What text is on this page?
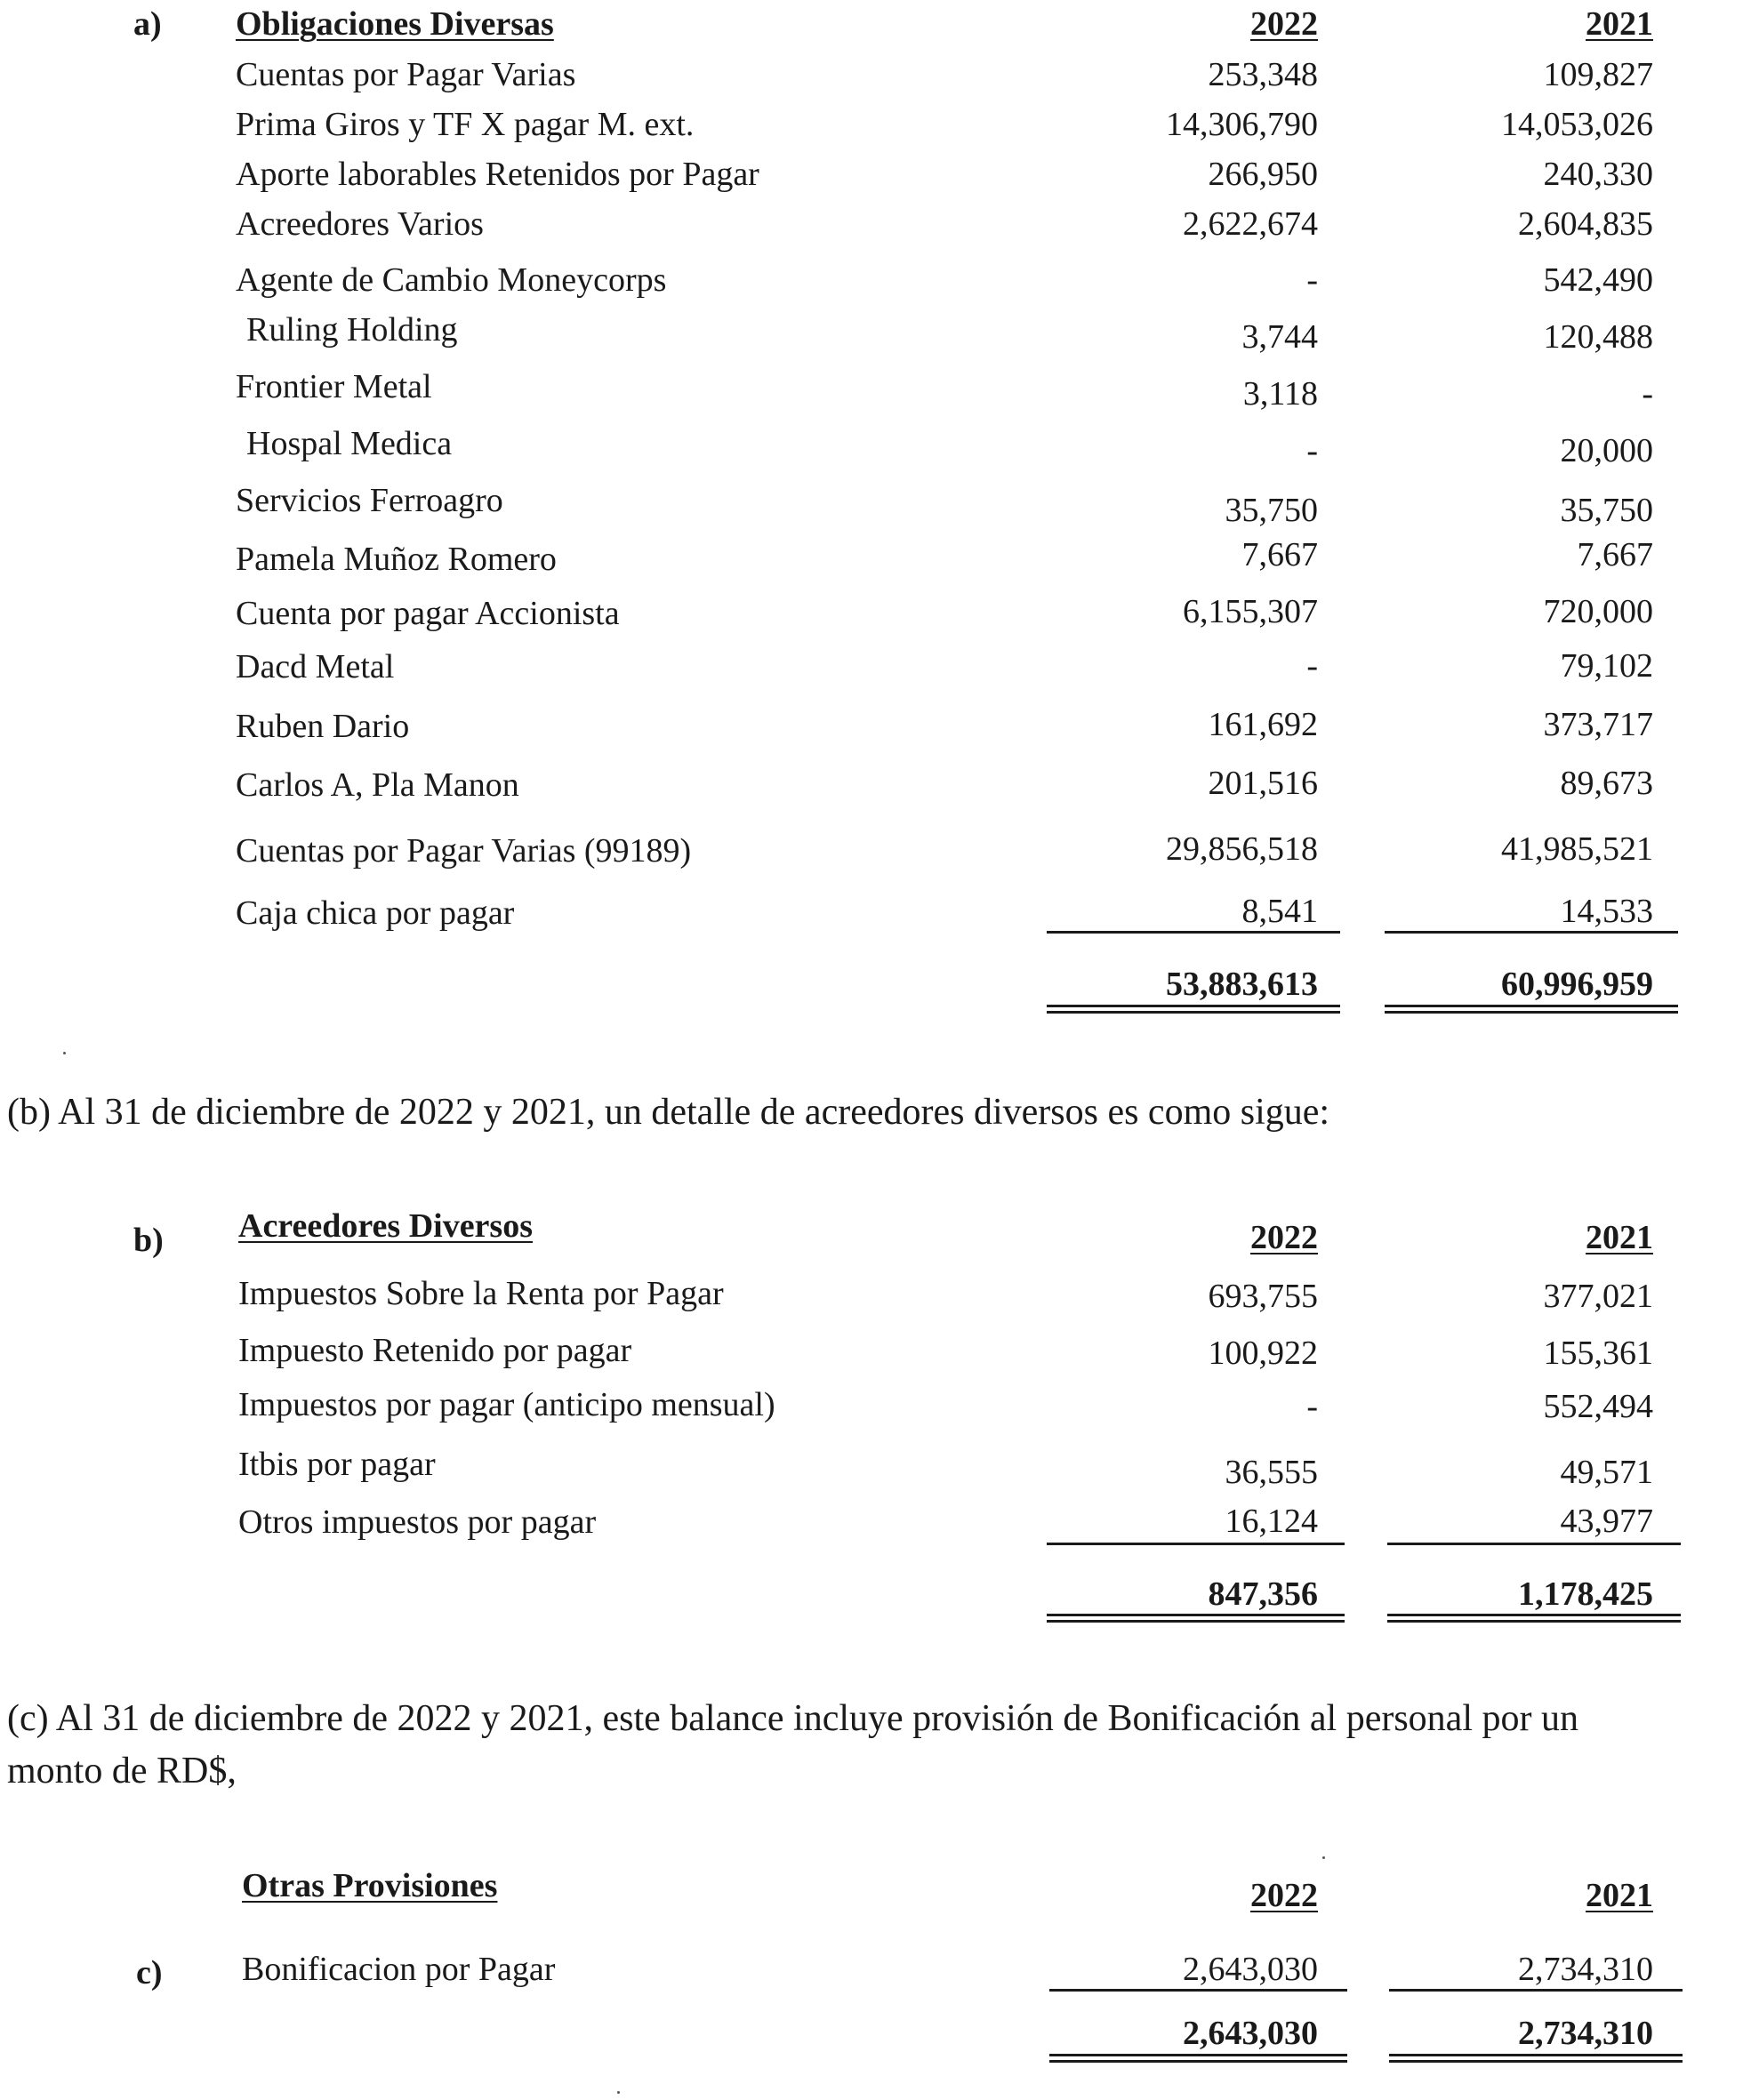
a) Obligaciones Diversas	2022	2021
Cuentas por Pagar Varias	253,348	109,827
Prima Giros y TF X pagar M. ext.	14,306,790	14,053,026
Aporte laborables Retenidos por Pagar	266,950	240,330
Acreedores Varios	2,622,674	2,604,835
Agente de Cambio Moneycorps	-	542,490
Ruling Holding	3,744	120,488
Frontier Metal	3,118	-
Hospal Medica	-	20,000
Servicios Ferroagro	35,750	35,750
Pamela Muñoz Romero	7,667	7,667
Cuenta por pagar Accionista	6,155,307	720,000
Dacd Metal	-	79,102
Ruben Dario	161,692	373,717
Carlos A, Pla Manon	201,516	89,673
Cuentas por Pagar Varias (99189)	29,856,518	41,985,521
Caja chica por pagar	8,541	14,533
53,883,613	60,996,959
(b) Al 31 de diciembre de 2022 y 2021, un detalle de acreedores diversos es como sigue:
b) Acreedores Diversos	2022	2021
Impuestos Sobre la Renta por Pagar	693,755	377,021
Impuesto Retenido por pagar	100,922	155,361
Impuestos por pagar (anticipo mensual)	-	552,494
Itbis por pagar	36,555	49,571
Otros impuestos por pagar	16,124	43,977
847,356	1,178,425
(c) Al 31 de diciembre de 2022 y 2021, este balance incluye provisión de Bonificación al personal por un
monto de RD$,
Otras Provisiones	2022	2021
c) Bonificacion por Pagar	2,643,030	2,734,310
2,643,030	2,734,310
